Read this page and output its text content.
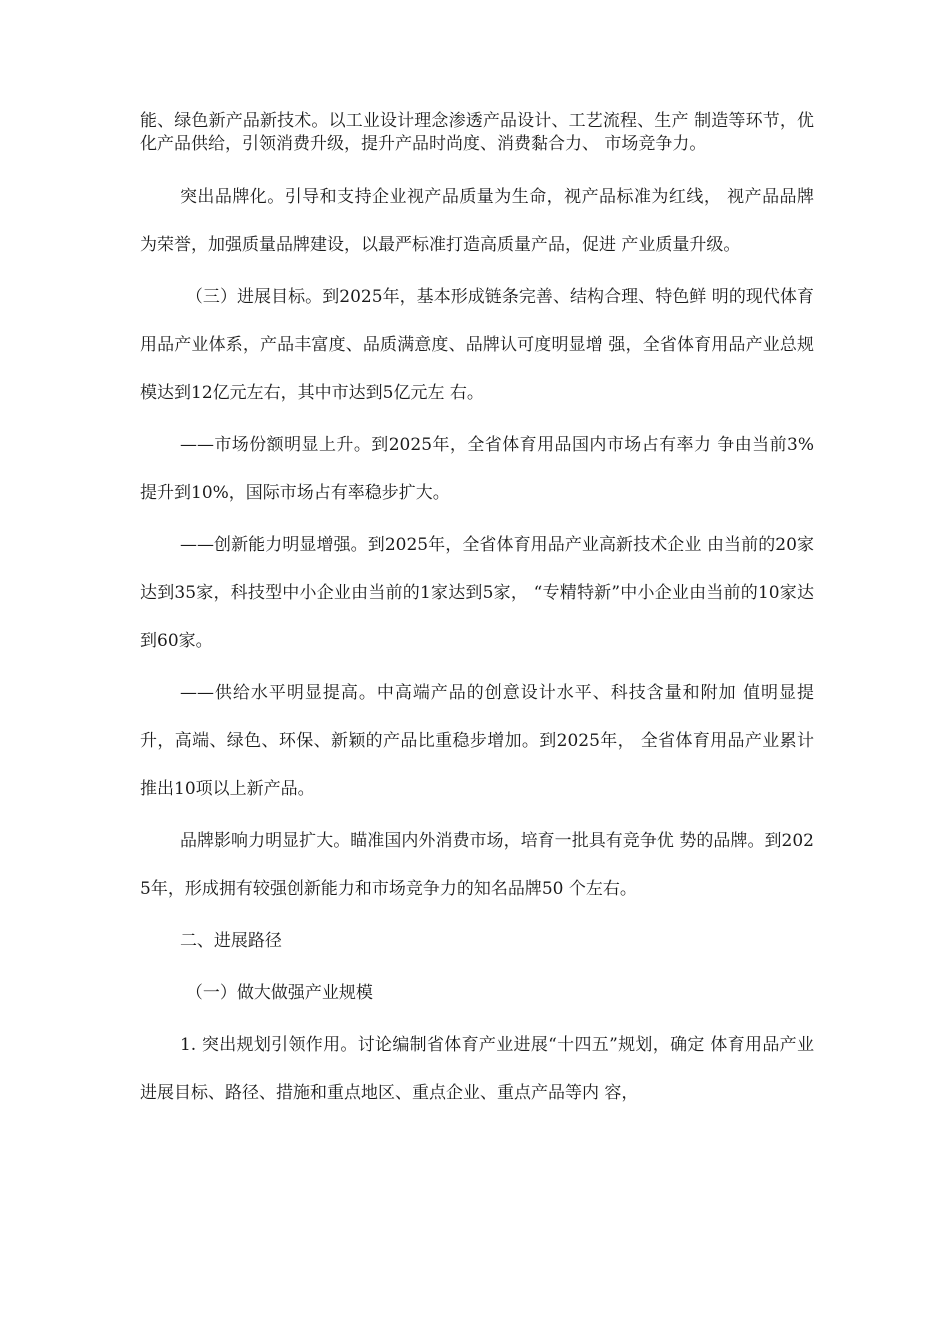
能、绿色新产品新技术。以工业设计理念渗透产品设计、工艺流程、生产 制造等环节，优化产品供给，引领消费升级，提升产品时尚度、消费黏合力、 市场竞争力。

突出品牌化。引导和支持企业视产品质量为生命，视产品标准为红线， 视产品品牌为荣誉，加强质量品牌建设，以最严标准打造高质量产品，促进 产业质量升级。

（三）进展目标。到2025年，基本形成链条完善、结构合理、特色鲜 明的现代体育用品产业体系，产品丰富度、品质满意度、品牌认可度明显增 强，全省体育用品产业总规模达到12亿元左右，其中市达到5亿元左 右。

——市场份额明显上升。到2025年，全省体育用品国内市场占有率力 争由当前3%提升到10%，国际市场占有率稳步扩大。

——创新能力明显增强。到2025年，全省体育用品产业高新技术企业 由当前的20家达到35家，科技型中小企业由当前的1家达到5家， “专精特新”中小企业由当前的10家达到60家。

——供给水平明显提高。中高端产品的创意设计水平、科技含量和附加 值明显提升，高端、绿色、环保、新颖的产品比重稳步增加。到2025年， 全省体育用品产业累计推出10项以上新产品。

品牌影响力明显扩大。瞄准国内外消费市场，培育一批具有竞争优 势的品牌。到2025年，形成拥有较强创新能力和市场竞争力的知名品牌50 个左右。

二、进展路径

（一）做大做强产业规模

1. 突出规划引领作用。讨论编制省体育产业进展“十四五”规划，确定 体育用品产业进展目标、路径、措施和重点地区、重点企业、重点产品等内 容，
